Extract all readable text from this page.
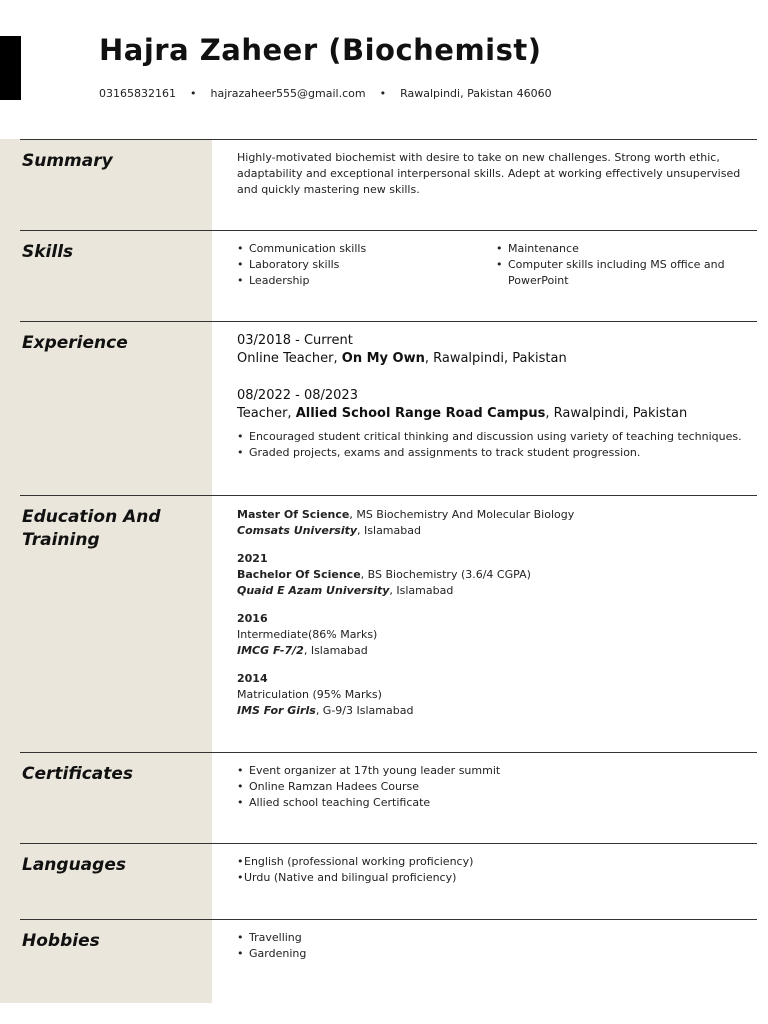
Hajra Zaheer (Biochemist)
03165832161 • hajrazaheer555@gmail.com • Rawalpindi, Pakistan 46060
Summary	Highly-motivated biochemist with desire to take on new challenges. Strong worth ethic, adaptability and exceptional interpersonal skills. Adept at working effectively unsupervised and quickly mastering new skills.

Skills	• Communication skills
• Laboratory skills
• Leadership
• Maintenance
• Computer skills including MS office and PowerPoint
Experience	03/2018 - Current
Online Teacher, On My Own, Rawalpindi, Pakistan
08/2022 - 08/2023
Teacher, Allied School Range Road Campus, Rawalpindi, Pakistan
• Encouraged student critical thinking and discussion using variety of teaching techniques.
• Graded projects, exams and assignments to track student progression.
Education And Training
Master Of Science, MS Biochemistry And Molecular Biology
Comsats University, Islamabad
2021
Bachelor Of Science, BS Biochemistry (3.6/4 CGPA)
Quaid E Azam University, Islamabad
2016
Intermediate(86% Marks)
IMCG F-7/2, Islamabad
2014
Matriculation (95% Marks)
IMS For Girls, G-9/3 Islamabad
Certificates	• Event organizer at 17th young leader summit
• Online Ramzan Hadees Course
• Allied school teaching Certificate
Languages	• English (professional working proficiency)
• Urdu (Native and bilingual proficiency)
Hobbies	• Travelling
• Gardening
